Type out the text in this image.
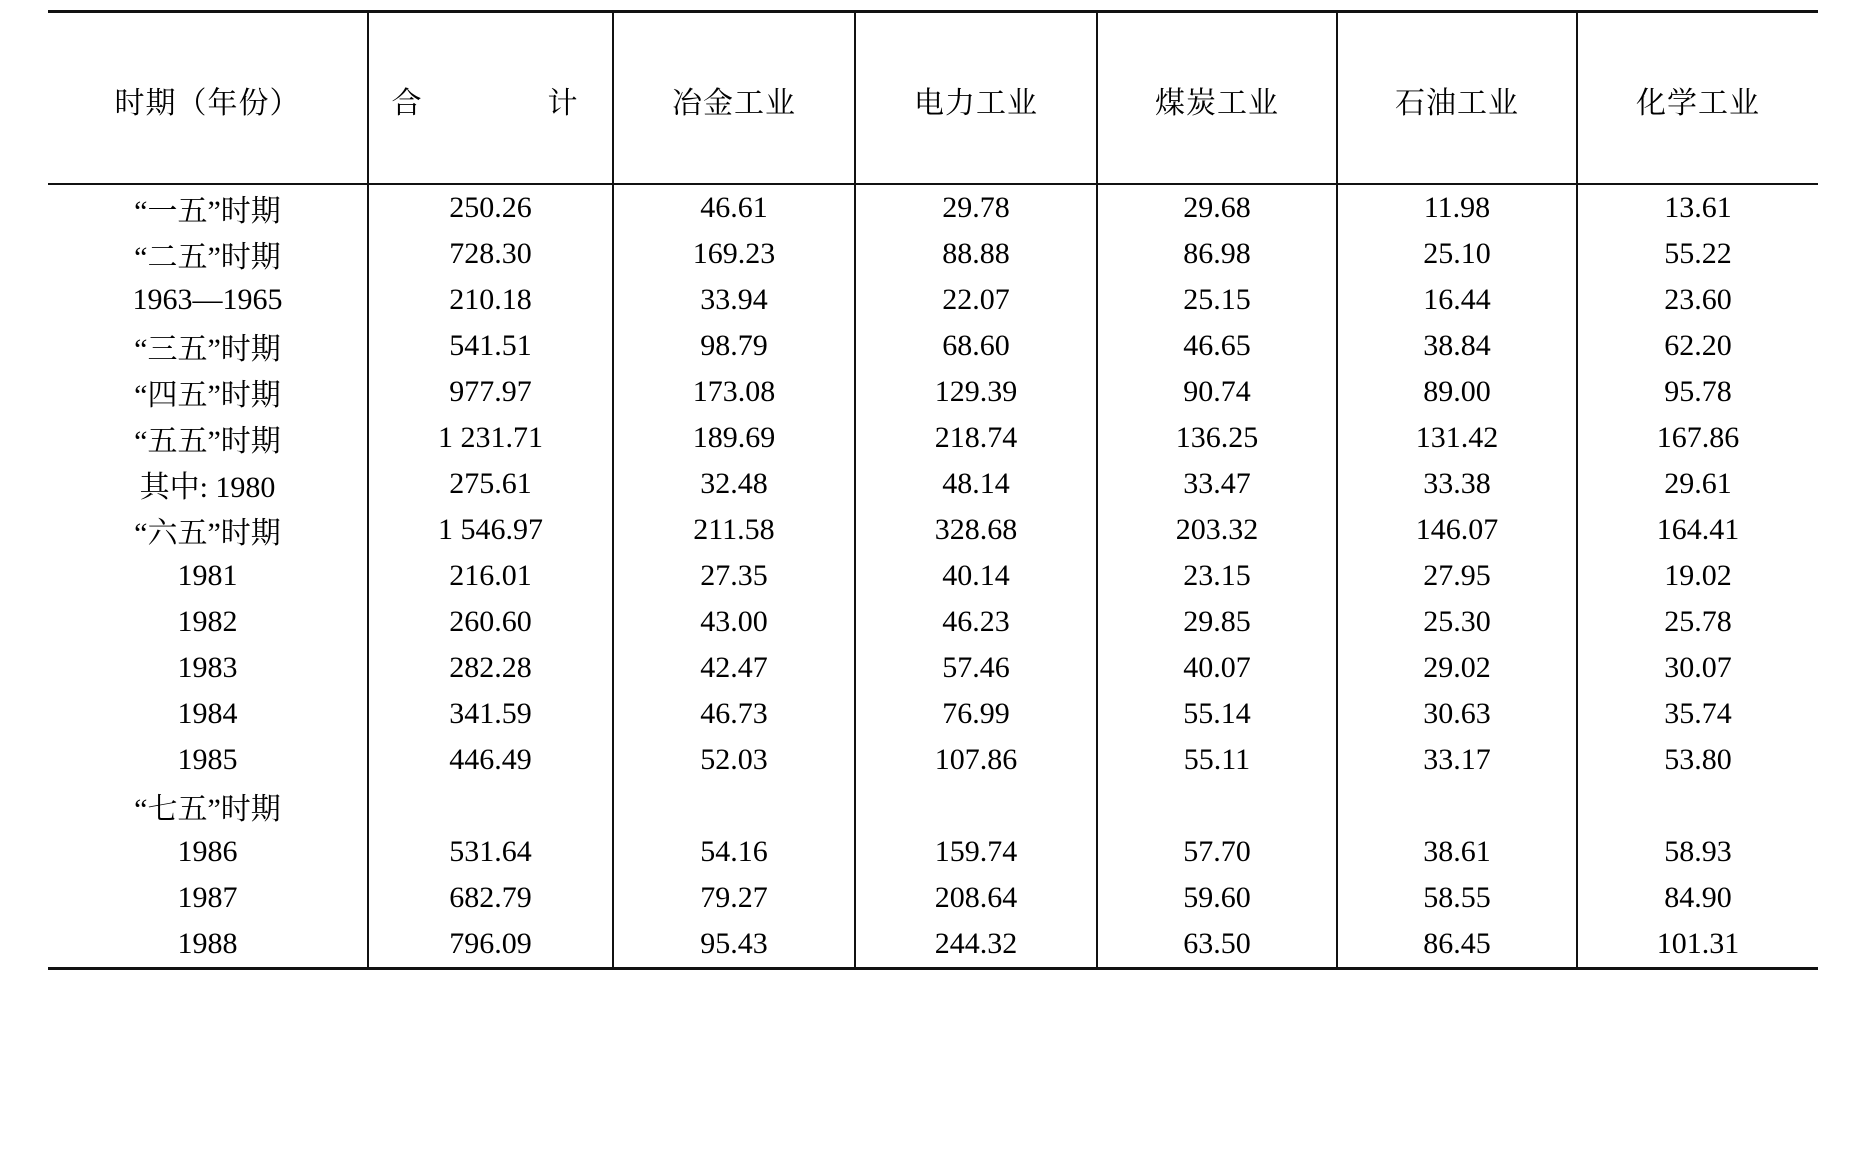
时期（年份）	合　　计	冶金工业	电力工业	煤炭工业	石油工业	化学工业

“一五”时期	250.26	46.61	29.78	29.68	11.98	13.61
“二五”时期	728.30	169.23	88.88	86.98	25.10	55.22
1963—1965	210.18	33.94	22.07	25.15	16.44	23.60
“三五”时期	541.51	98.79	68.60	46.65	38.84	62.20
“四五”时期	977.97	173.08	129.39	90.74	89.00	95.78
“五五”时期	1 231.71	189.69	218.74	136.25	131.42	167.86
其中: 1980	275.61	32.48	48.14	33.47	33.38	29.61
“六五”时期	1 546.97	211.58	328.68	203.32	146.07	164.41
1981	216.01	27.35	40.14	23.15	27.95	19.02
1982	260.60	43.00	46.23	29.85	25.30	25.78
1983	282.28	42.47	57.46	40.07	29.02	30.07
1984	341.59	46.73	76.99	55.14	30.63	35.74
1985	446.49	52.03	107.86	55.11	33.17	53.80
“七五”时期						
1986	531.64	54.16	159.74	57.70	38.61	58.93
1987	682.79	79.27	208.64	59.60	58.55	84.90
1988	796.09	95.43	244.32	63.50	86.45	101.31
